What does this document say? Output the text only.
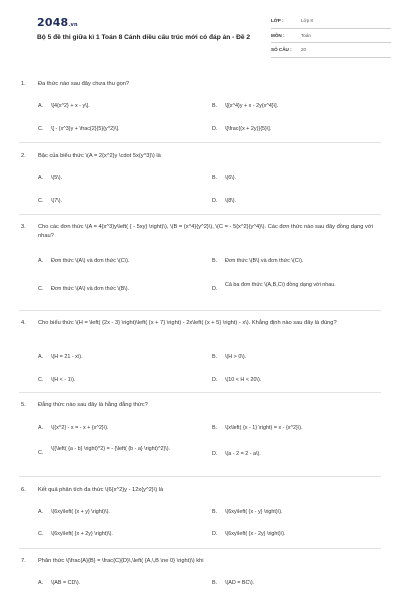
2048.vn
Bộ 5 đề thi giữa kì 1 Toán 8 Cánh diều cấu trúc mới có đáp án - Đề 2
LỚP :	Lớp 8
MÔN :	Toán
SỐ CÂU :	20
1. Đa thức nào sau đây chưa thu gọn?
A.	\[4{x^2} + x - y\].	B.	\[{x^4}y + x - 2y{x^4}\].
C.	\[ - {x^3}y + \frac{2}{5}{y^2}\].	D.	\[\frac{(x + 2y)}{5}\].
2. Bậc của biểu thức \(A = 2{x^2}y \cdot 5x{y^3}\) là
A.	\(5\).	B.	\(6\).
C.	\(7\).	D.	\(8\).
3. Cho các đơn thức \(A = 4{x^3}y\left( { - 5xy} \right)\), \(B = {x^4}{y^2}\), \(C = - 5{x^2}{y^4}\). Các đơn thức nào sau đây đồng dạng với nhau?
A.	Đơn thức \(A\) và đơn thức \(C\).	B.	Đơn thức \(B\) và đơn thức \(C\).
C.	Đơn thức \(A\) và đơn thức \(B\).	D.
Cả ba đơn thức \(A,B,C\) đồng dạng với nhau.
4. Cho biểu thức \(H = \left( {2x - 3} \right)\left( {x + 7} \right) - 2x\left( {x + 5} \right) - x\). Khẳng định nào sau đây là đúng?
A.	\(H = 21 - x\).	B.	\(H > 0\).
C.	\(H < - 1\).	D.	\(10 < H < 20\).
5. Đẳng thức nào sau đây là hằng đẳng thức?
A.	\({x^2} - x = - x + {x^2}\).	B.	\(x\left( {x - 1} \right) = x - {x^2}\).
C.
\({\left( {a - b} \right)^2} = - {\left( {b - a} \right)^2}\).
D.	\(a - 2 = 2 - a\).
6. Kết quả phân tích đa thức \(6{x^2}y - 12x{y^2}\) là
A.	\(6xy\left( {x + y} \right)\).	B.	\(6xy\left( {x - y} \right)\).
C.	\(6xy\left( {x + 2y} \right)\).	D.	\(6xy\left( {x - 2y} \right)\).
7. Phân thức \(\frac{A}{B} = \frac{C}{D}\,\left( {A,\,B \ne 0} \right)\) khi
A.	\(AB = CD\).	B.	\(AD = BC\).
